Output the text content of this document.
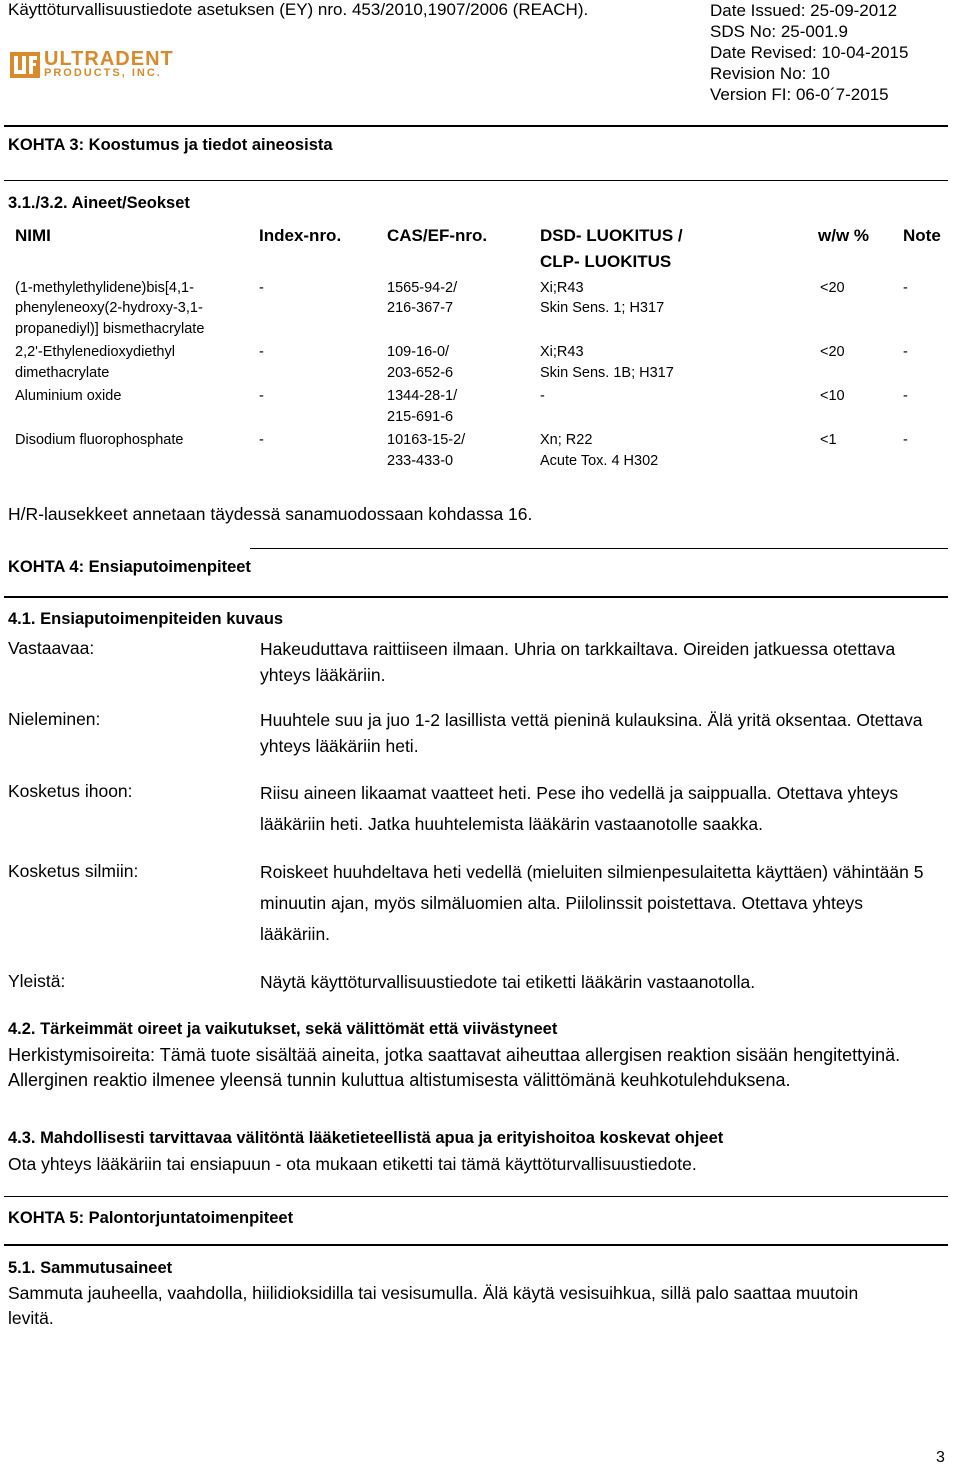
Käyttöturvallisuustiedote asetuksen (EY) nro. 453/2010,1907/2006 (REACH).	Date Issued: 25-09-2012
SDS No: 25-001.9
Date Revised: 10-04-2015
Revision No: 10
Version FI: 06-0´7-2015
ULTRADENT
PRODUCTS, INC.
KOHTA 3: Koostumus ja tiedot aineosista
3.1./3.2. Aineet/Seokset
NIMI	Index-nro.	CAS/EF-nro.	DSD- LUOKITUS /
CLP- LUOKITUS
w/w % Note
(1-methylethylidene)bis[4,1-
phenyleneoxy(2-hydroxy-3,1-
propanediyl)] bismethacrylate
-	1565-94-2/
216-367-7
Xi;R43
Skin Sens. 1; H317
<20	-
2,2'-Ethylenedioxydiethyl
dimethacrylate
-	109-16-0/
203-652-6
Xi;R43
Skin Sens. 1B; H317
<20	-
Aluminium oxide	-	1344-28-1/
215-691-6
-	<10	-
Disodium fluorophosphate	-	10163-15-2/
233-433-0
Xn; R22
Acute Tox. 4 H302
<1	-
H/R-lausekkeet annetaan täydessä sanamuodossaan kohdassa 16.
KOHTA 4: Ensiaputoimenpiteet
4.1. Ensiaputoimenpiteiden kuvaus
Vastaavaa:	Hakeuduttava raittiiseen ilmaan. Uhria on tarkkailtava. Oireiden jatkuessa otettava yhteys lääkäriin.
Nieleminen:	Huuhtele suu ja juo 1-2 lasillista vettä pieninä kulauksina. Älä yritä oksentaa. Otettava yhteys lääkäriin heti.
Kosketus ihoon:	Riisu aineen likaamat vaatteet heti. Pese iho vedellä ja saippualla. Otettava yhteys lääkäriin heti. Jatka huuhtelemista lääkärin vastaanotolle saakka.
Kosketus silmiin:	Roiskeet huuhdeltava heti vedellä (mieluiten silmienpesulaitetta käyttäen) vähintään 5 minuutin ajan, myös silmäluomien alta. Piilolinssit poistettava. Otettava yhteys lääkäriin.
Yleistä:	Näytä käyttöturvallisuustiedote tai etiketti lääkärin vastaanotolla.
4.2. Tärkeimmät oireet ja vaikutukset, sekä välittömät että viivästyneet
Herkistymisoireita: Tämä tuote sisältää aineita, jotka saattavat aiheuttaa allergisen reaktion sisään hengitettyinä. Allerginen reaktio ilmenee yleensä tunnin kuluttua altistumisesta välittömänä keuhkotulehduksena.
4.3. Mahdollisesti tarvittavaa välitöntä lääketieteellistä apua ja erityishoitoa koskevat ohjeet
Ota yhteys lääkäriin tai ensiapuun - ota mukaan etiketti tai tämä käyttöturvallisuustiedote.
KOHTA 5: Palontorjuntatoimenpiteet
5.1. Sammutusaineet
Sammuta jauheella, vaahdolla, hiilidioksidilla tai vesisumulla. Älä käytä vesisuihkua, sillä palo saattaa muutoin levitä.
3
